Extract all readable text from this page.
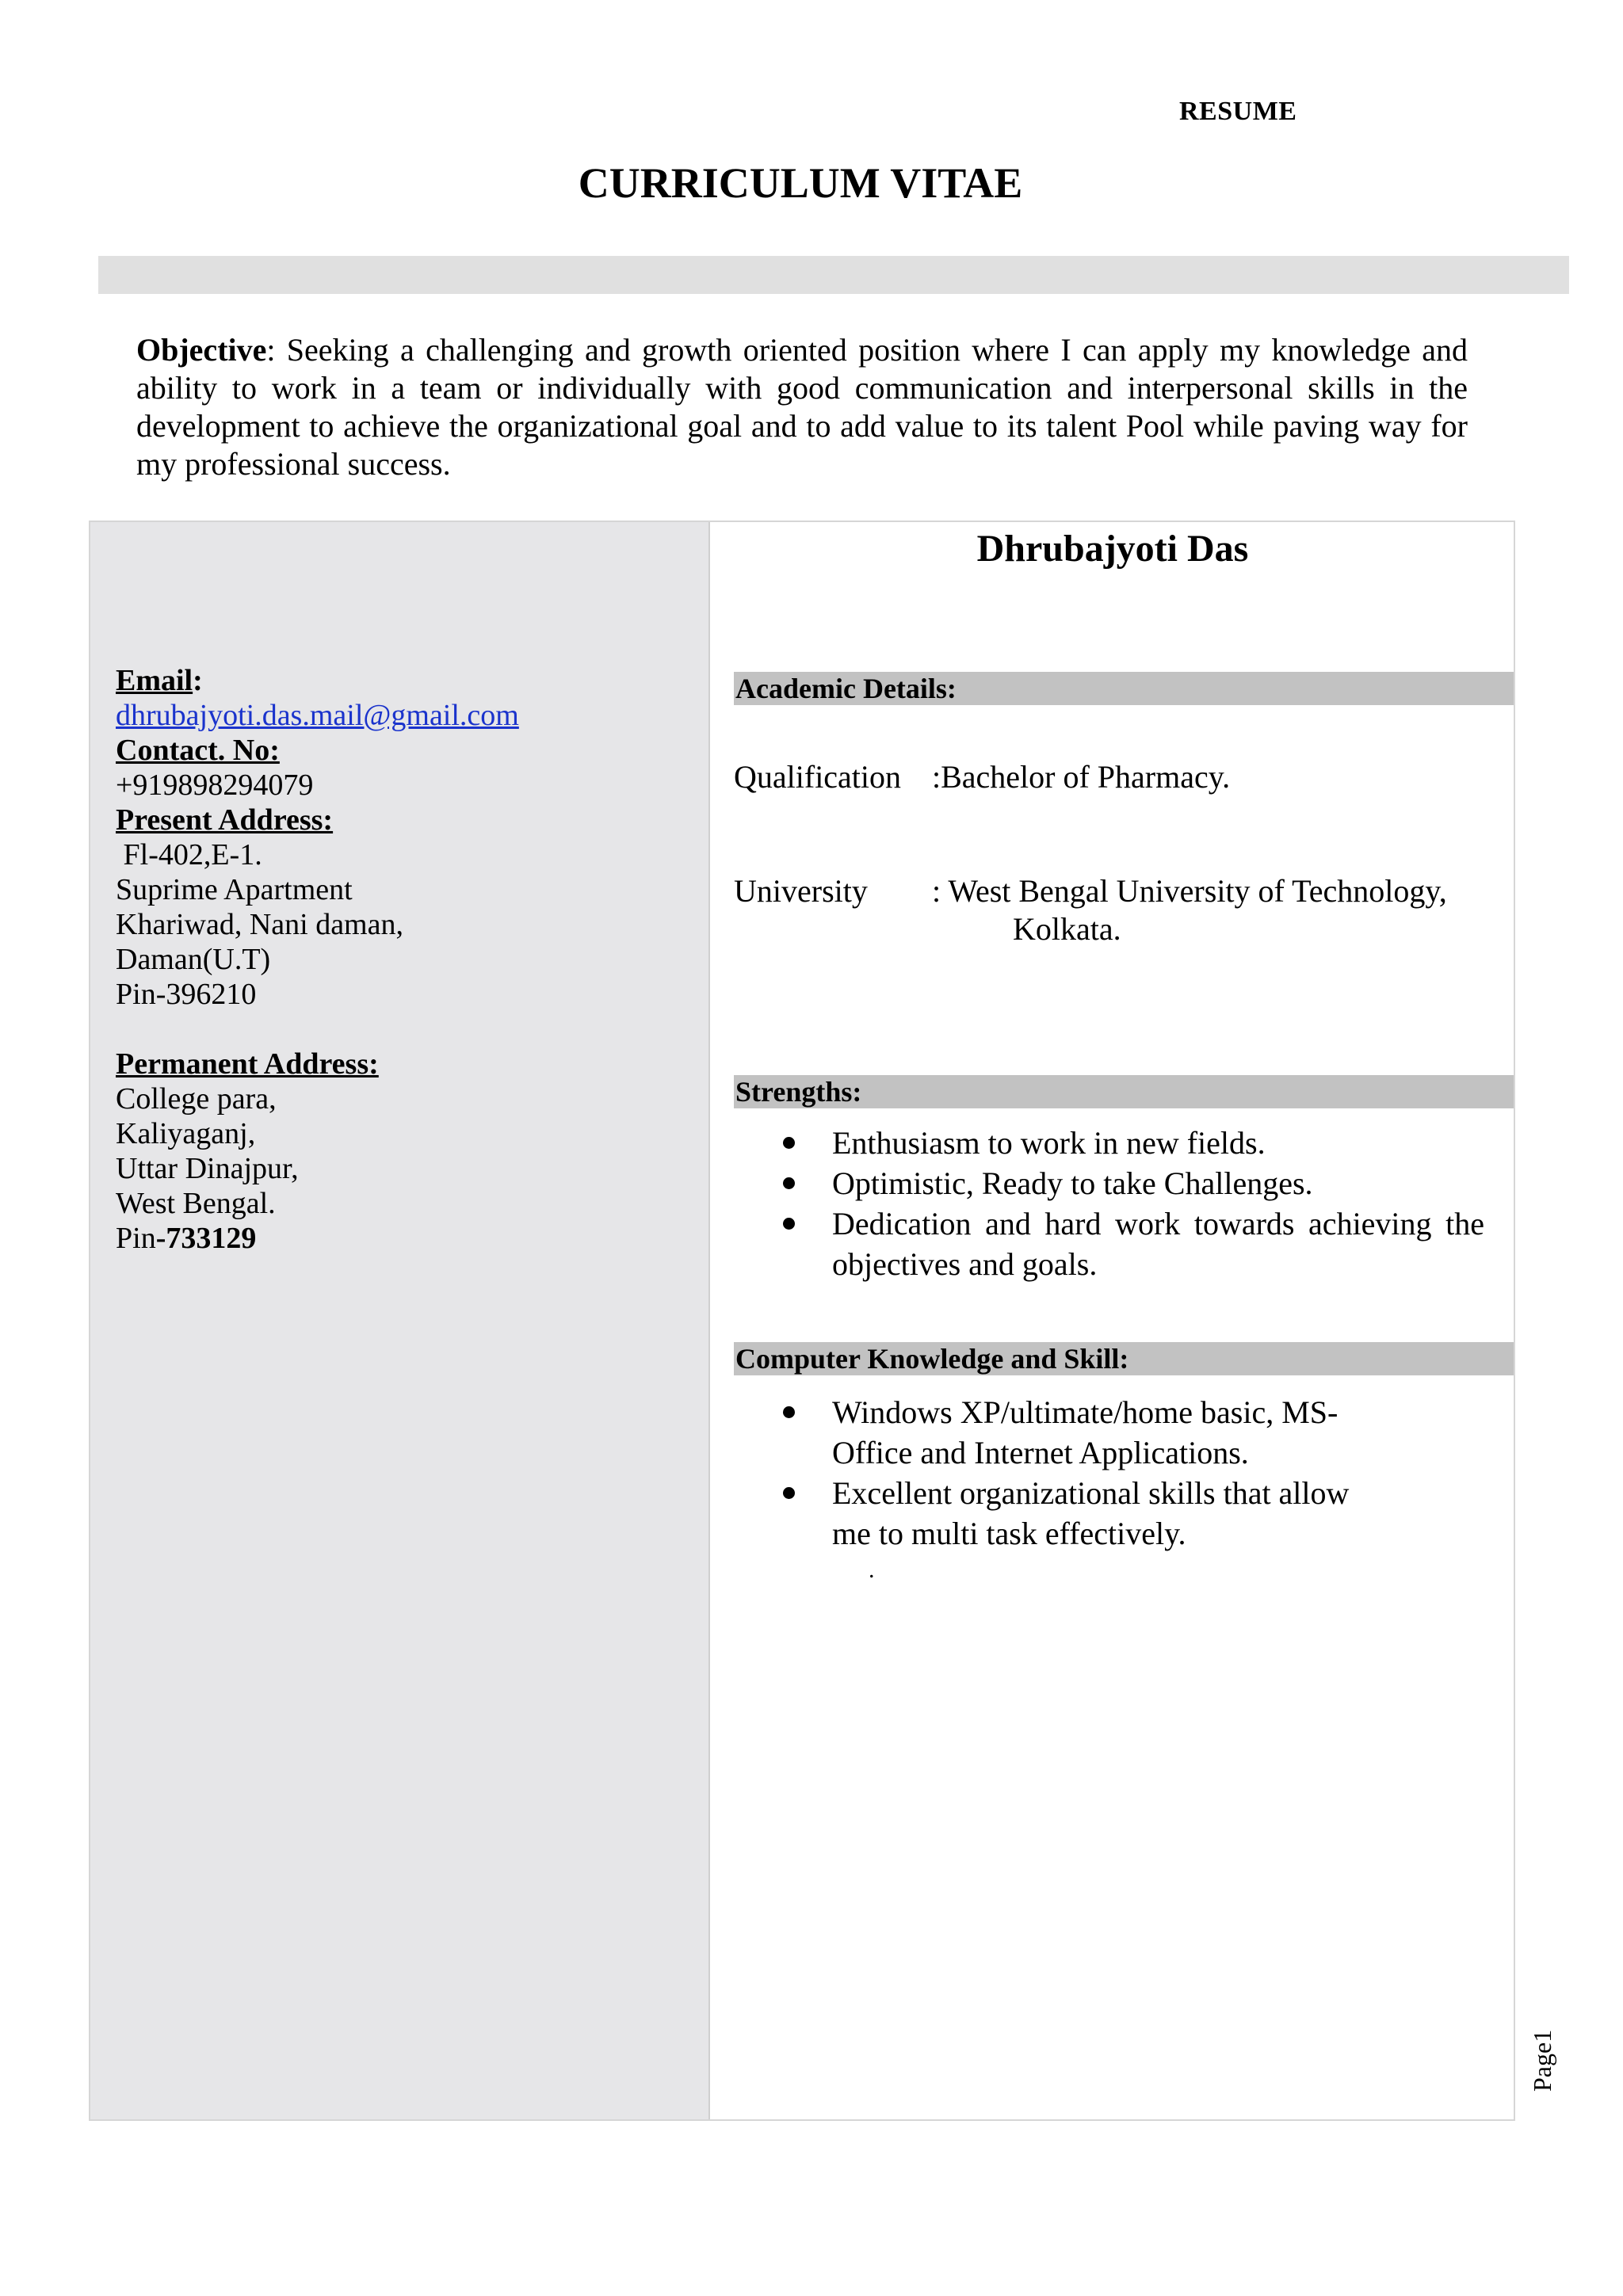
RESUME
CURRICULUM VITAE
Objective: Seeking a challenging and growth oriented position where I can apply my knowledge and ability to work in a team or individually with good communication and interpersonal skills in the development to achieve the organizational goal and to add value to its talent Pool while paving way for my professional success.
Email:
dhrubajyoti.das.mail@gmail.com
Contact. No:
+919898294079
Present Address:
Fl-402,E-1.
Suprime Apartment
Khariwad, Nani daman,
Daman(U.T)
Pin-396210
Permanent Address:
College para,
Kaliyaganj,
Uttar Dinajpur,
West Bengal.
Pin-733129
Dhrubajyoti Das
Academic Details:
Qualification :Bachelor of Pharmacy.
University : West Bengal University of Technology,
Kolkata.
Strengths:
Enthusiasm to work in new fields.
Optimistic, Ready to take Challenges.
Dedication and hard work towards achieving the objectives and goals.
Computer Knowledge and Skill:
Windows XP/ultimate/home basic, MS-Office and Internet Applications.
Excellent organizational skills that allow me to multi task effectively.
.
Page1
